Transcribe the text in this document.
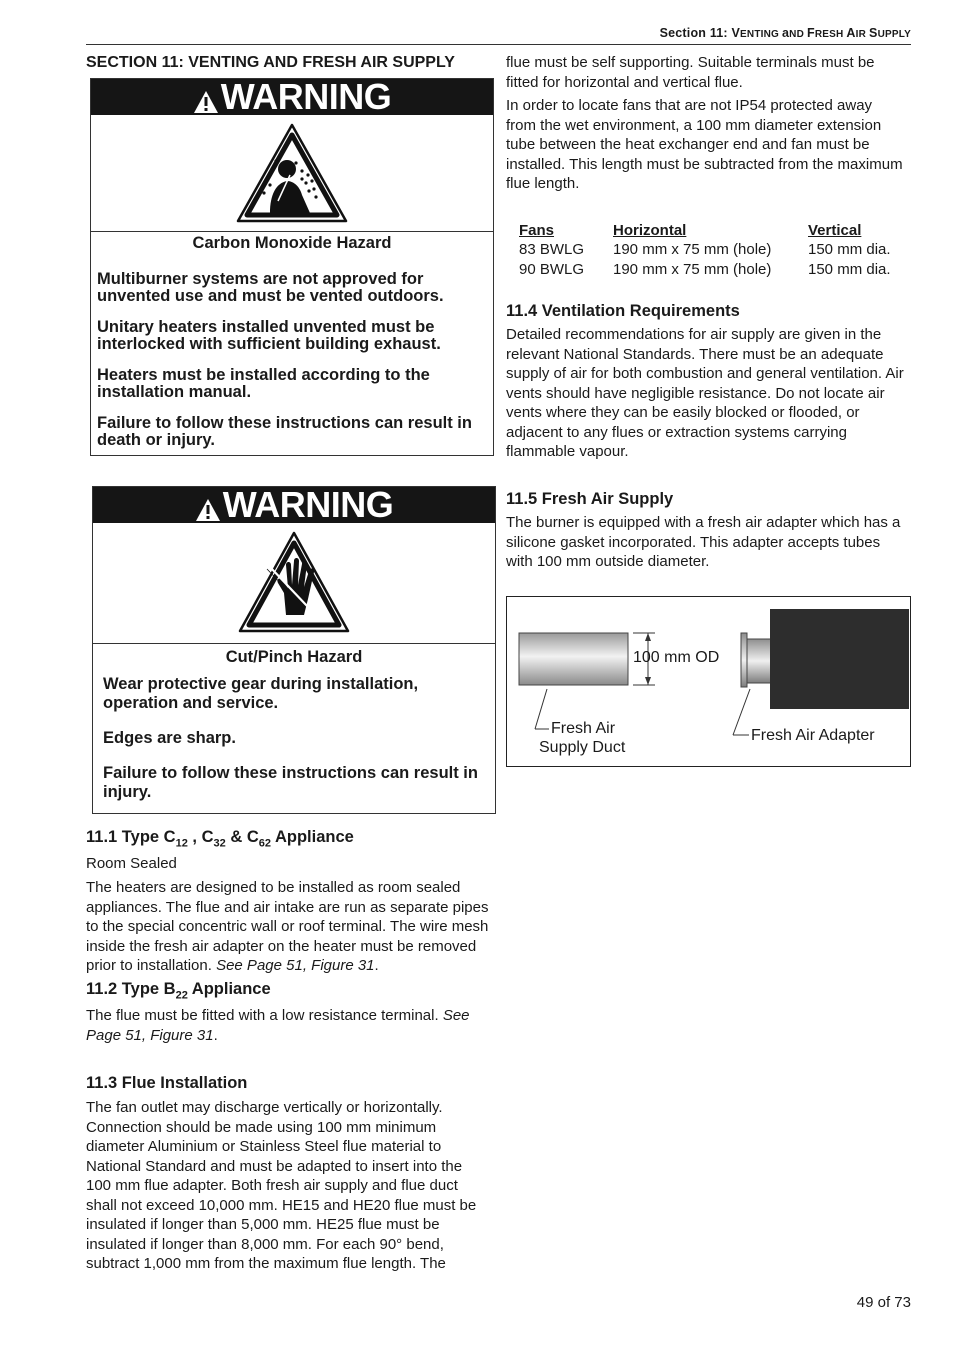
Section 11: VENTING aND FRESH AIR SUPPLY
SECTION 11: VENTING AND FRESH AIR SUPPLY
WARNING
Carbon Monoxide Hazard

Multiburner systems are not approved for unvented use and must be vented outdoors.

Unitary heaters installed unvented must be interlocked with sufficient building exhaust.

Heaters must be installed according to the installation manual.

Failure to follow these instructions can result in death or injury.

WARNING
Cut/Pinch Hazard

Wear protective gear during installation, operation and service.

Edges are sharp.

Failure to follow these instructions can result in injury.

11.1 Type $C_{12}$ , $C_{32}$ & $C_{62}$ Appliance
Room Sealed

The heaters are designed to be installed as room sealed appliances. The flue and air intake are run as separate pipes to the special concentric wall or roof terminal. The wire mesh inside the fresh air adapter on the heater must be removed prior to installation. See Page 51, Figure 31.

11.2 Type $B_{22}$ Appliance

The flue must be fitted with a low resistance terminal. See Page 51, Figure 31.

11.3 Flue Installation
The fan outlet may discharge vertically or horizontally. Connection should be made using 100 mm minimum diameter Aluminium or Stainless Steel flue material to National Standard and must be adapted to insert into the 100 mm flue adapter. Both fresh air supply and flue duct shall not exceed 10,000 mm. HE15 and HE20 flue must be insulated if longer than 5,000 mm. HE25 flue must be insulated if longer than 8,000 mm. For each 90° bend, subtract 1,000 mm from the maximum flue length. The
flue must be self supporting. Suitable terminals must be fitted for horizontal and vertical flue.
In order to locate fans that are not IP54 protected away from the wet environment, a 100 mm diameter extension tube between the heat exchanger end and fan must be installed. This length must be subtracted from the maximum flue length.
Fans	Horizontal	Vertical
83 BWLG	190 mm x 75 mm (hole)	150 mm dia.
90 BWLG	190 mm x 75 mm (hole)	150 mm dia.
11.4 Ventilation Requirements
Detailed recommendations for air supply are given in the relevant National Standards. There must be an adequate supply of air for both combustion and general ventilation. Air vents should have negligible resistance. Do not locate air vents where they can be easily blocked or flooded, or adjacent to any flues or extraction systems carrying flammable vapour.
11.5 Fresh Air Supply
The burner is equipped with a fresh air adapter which has a silicone gasket incorporated. This adapter accepts tubes with 100 mm outside diameter.
100 mm OD
Fresh Air
Supply Duct
Fresh Air Adapter
49 of 73
